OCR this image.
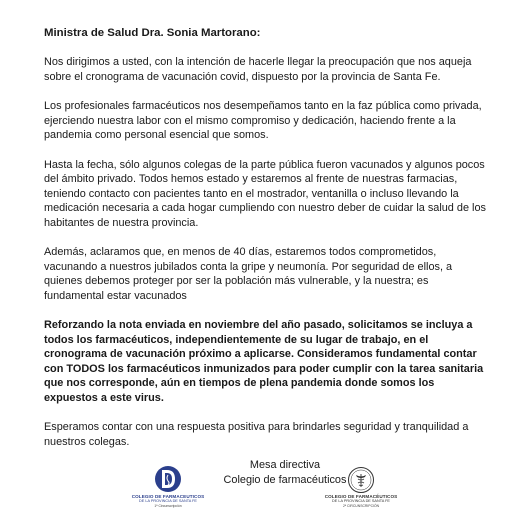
Ministra de Salud Dra. Sonia Martorano:

Nos dirigimos a usted, con la intención de hacerle llegar la preocupación que nos aqueja sobre el cronograma de vacunación covid, dispuesto por la provincia de Santa Fe.

Los profesionales farmacéuticos nos desempeñamos tanto en la faz pública como privada, ejerciendo nuestra labor con el mismo compromiso y dedicación, haciendo frente a la pandemia como personal esencial que somos.

Hasta la fecha, sólo algunos colegas de la parte pública fueron vacunados y algunos pocos del ámbito privado. Todos hemos estado y estaremos al frente de nuestras farmacias, teniendo contacto con pacientes tanto en el mostrador, ventanilla o incluso llevando la medicación necesaria a cada hogar cumpliendo con nuestro deber de cuidar la salud de los habitantes de nuestra provincia.

Además, aclaramos que, en menos de 40 días, estaremos todos comprometidos, vacunando a nuestros jubilados conta la gripe y neumonía. Por seguridad de ellos, a quienes debemos proteger por ser la población más vulnerable, y la nuestra; es fundamental estar vacunados

Reforzando la nota enviada en noviembre del año pasado, solicitamos se incluya a todos los farmacéuticos, independientemente de su lugar de trabajo, en el cronograma de vacunación próximo a aplicarse. Consideramos fundamental contar con TODOS los farmacéuticos inmunizados para poder cumplir con la tarea sanitaria que nos corresponde, aún en tiempos de plena pandemia donde somos los expuestos a este virus.

Esperamos contar con una respuesta positiva para brindarles seguridad y tranquilidad a nuestros colegas.

Mesa directiva
Colegio de farmacéuticos
COLEGIO DE FARMACEUTICOS
DE LA PROVINCIA DE SANTA FE
1ª Circunscripción
COLEGIO DE FARMACÉUTICOS
DE LA PROVINCIA DE SANTA FE
2ª CIRCUNSCRIPCIÓN
